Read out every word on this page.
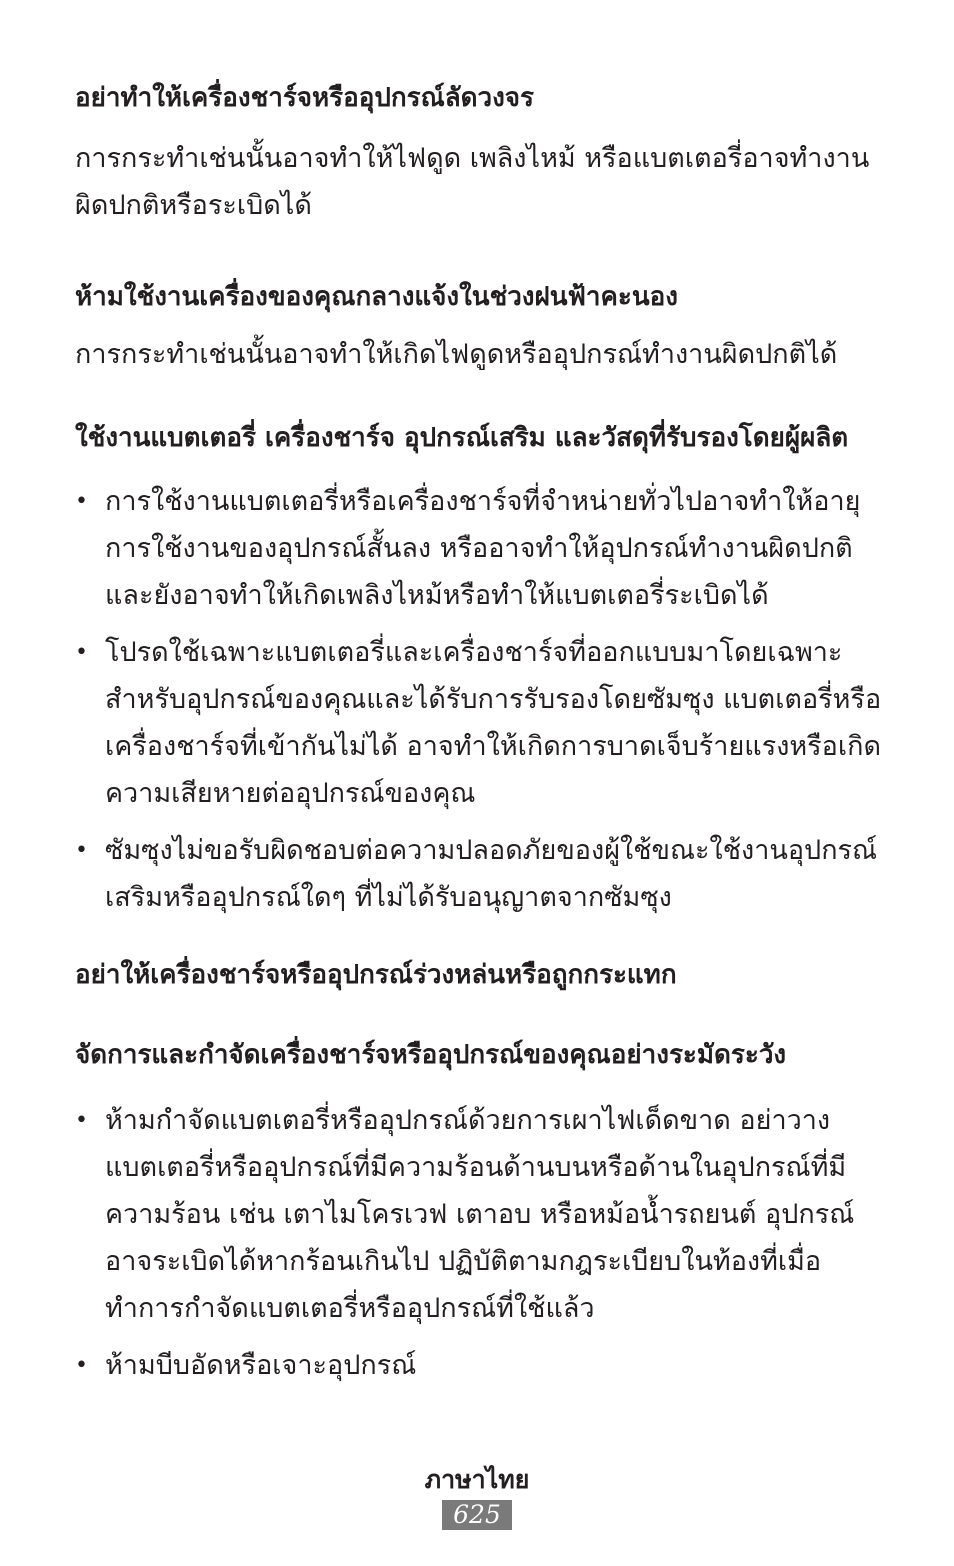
อย่าทำให้เครื่องชาร์จหรืออุปกรณ์ลัดวงจร

การกระทำเช่นนั้นอาจทำให้ไฟดูด เพลิงไหม้ หรือแบตเตอรี่อาจทำงานผิดปกติหรือระเบิดได้

ห้ามใช้งานเครื่องของคุณกลางแจ้งในช่วงฝนฟ้าคะนอง

การกระทำเช่นนั้นอาจทำให้เกิดไฟดูดหรืออุปกรณ์ทำงานผิดปกติได้

ใช้งานแบตเตอรี่ เครื่องชาร์จ อุปกรณ์เสริม และวัสดุที่รับรองโดยผู้ผลิต
• การใช้งานแบตเตอรี่หรือเครื่องชาร์จที่จำหน่ายทั่วไปอาจทำให้อายุการใช้งานของอุปกรณ์สั้นลง หรืออาจทำให้อุปกรณ์ทำงานผิดปกติและยังอาจทำให้เกิดเพลิงไหม้หรือทำให้แบตเตอรี่ระเบิดได้
• โปรดใช้เฉพาะแบตเตอรี่และเครื่องชาร์จที่ออกแบบมาโดยเฉพาะสำหรับอุปกรณ์ของคุณและได้รับการรับรองโดยซัมซุง แบตเตอรี่หรือเครื่องชาร์จที่เข้ากันไม่ได้ อาจทำให้เกิดการบาดเจ็บร้ายแรงหรือเกิดความเสียหายต่ออุปกรณ์ของคุณ
• ซัมซุงไม่ขอรับผิดชอบต่อความปลอดภัยของผู้ใช้ขณะใช้งานอุปกรณ์เสริมหรืออุปกรณ์ใดๆ ที่ไม่ได้รับอนุญาตจากซัมซุง
อย่าให้เครื่องชาร์จหรืออุปกรณ์ร่วงหล่นหรือถูกกระแทก
จัดการและกำจัดเครื่องชาร์จหรืออุปกรณ์ของคุณอย่างระมัดระวัง
• ห้ามกำจัดแบตเตอรี่หรืออุปกรณ์ด้วยการเผาไฟเด็ดขาด อย่าวางแบตเตอรี่หรืออุปกรณ์ที่มีความร้อนด้านบนหรือด้านในอุปกรณ์ที่มีความร้อน เช่น เตาไมโครเวฟ เตาอบ หรือหม้อน้ำรถยนต์ อุปกรณ์อาจระเบิดได้หากร้อนเกินไป ปฏิบัติตามกฎระเบียบในท้องที่เมื่อทำการกำจัดแบตเตอรี่หรืออุปกรณ์ที่ใช้แล้ว
• ห้ามบีบอัดหรือเจาะอุปกรณ์
ภาษาไทย
625
